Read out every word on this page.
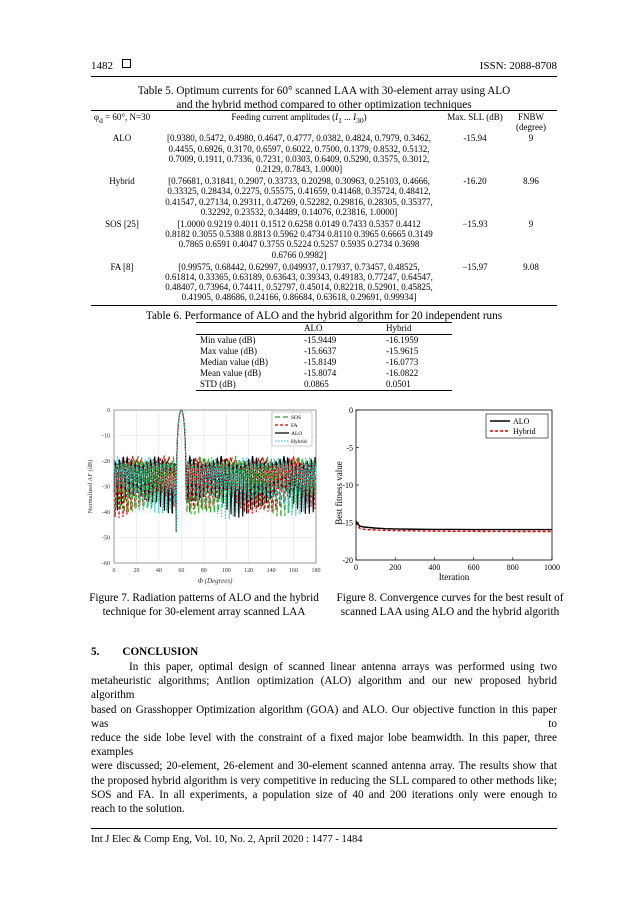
1482	ISSN: 2088-8708
Table 5. Optimum currents for 60° scanned LAA with 30-element array using ALO
and the hybrid method compared to other optimization techniques
$\varphi_d = 60^\circ$, N=30	Feeding current amplitudes ($I_1$ ... $I_{30}$)	Max. SLL (dB)	FNBW (degree)
ALO	[0.9380, 0.5472, 0.4980, 0.4647, 0.4777, 0.0382, 0.4824, 0.7979, 0.3462,
0.4455, 0.6926, 0.3170, 0.6597, 0.6022, 0.7500, 0.1379, 0.8532, 0.5132,
0.7009, 0.1911, 0.7336, 0.7231, 0.0303, 0.6409, 0.5290, 0.3575, 0.3012,
0.2129, 0.7843, 1.0000]	-15.94	9
Hybrid	[0.76681, 0.31841, 0.2907, 0.33733, 0.20298, 0.30963, 0.25103, 0.4666,
0.33325, 0.28434, 0.2275, 0.55575, 0.41659, 0.41468, 0.35724, 0.48412,
0.41547, 0.27134, 0.29311, 0.47269, 0.52282, 0.29816, 0.28305, 0.35377,
0.32292, 0.23532, 0.34489, 0.14076, 0.23816, 1.0000]	-16.20	8.96
SOS [25]	[1.0000 0.9219 0.4011 0.1512 0.6258 0.0149 0.7433 0.5357 0.4412
0.8182 0.3055 0.5388 0.8813 0.5962 0.4734 0.8110 0.3965 0.6665 0.3149
0.7865 0.6591 0.4047 0.3755 0.5224 0.5257 0.5935 0.2734 0.3698
0.6766 0.9982]	−15.93	9
FA [8]	[0.99575, 0.68442, 0.62997, 0.049937, 0.17937, 0.73457, 0.48525,
0.61814, 0.33365, 0.63189, 0.63643, 0.39343, 0.49183, 0.77247, 0.64547,
0.48407, 0.73964, 0.74411, 0.52797, 0.45014, 0.82218, 0.52901, 0.45825,
0.41905, 0.48686, 0.24166, 0.86684, 0.63618, 0.29691, 0.99934]	−15.97	9.08
Table 6. Performance of ALO and the hybrid algorithm for 20 independent runs
	ALO	Hybrid
Min value (dB)	-15.9449	-16.1959
Max value (dB)	-15.6637	-15.9615
Median value (dB)	-15.8149	-16.0773
Mean value (dB)	-15.8074	-16.0822
STD (dB)	0.0865	0.0501
0	20	40	60	80 100 120 140 160 180
0
-10
-20
-30
-40
-50
-60
Φ (Degrees)
Normalized AF (dB)
SOS
FA
ALO
Hybrid
Figure 7. Radiation patterns of ALO and the hybrid
technique for 30-element array scanned LAA
0	200	400	600	800	1000
0
-5
-10
-15
-20
Iteration
Best fitness value
ALO
Hybrid
Figure 8. Convergence curves for the best result of
scanned LAA using ALO and the hybrid algorith
5. CONCLUSION
In this paper, optimal design of scanned linear antenna arrays was performed using two
metaheuristic algorithms; Antlion optimization (ALO) algorithm and our new proposed hybrid algorithm
based on Grasshopper Optimization algorithm (GOA) and ALO. Our objective function in this paper was to
reduce the side lobe level with the constraint of a fixed major lobe beamwidth. In this paper, three examples
were discussed; 20-element, 26-element and 30-element scanned antenna array. The results show that
the proposed hybrid algorithm is very competitive in reducing the SLL compared to other methods like;
SOS and FA. In all experiments, a population size of 40 and 200 iterations only were enough to
reach to the solution.
Int J Elec & Comp Eng, Vol. 10, No. 2, April 2020 : 1477 - 1484
